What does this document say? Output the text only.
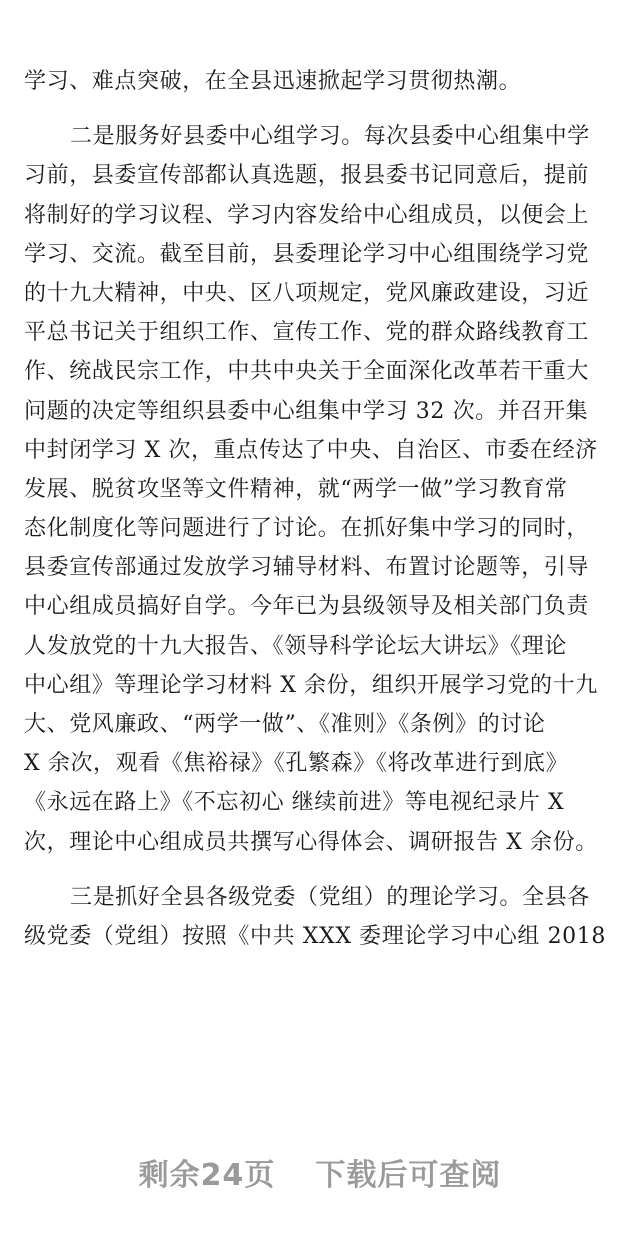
学习、难点突破，在全县迅速掀起学习贯彻热潮。
二是服务好县委中心组学习。每次县委中心组集中学
习前，县委宣传部都认真选题，报县委书记同意后，提前
将制好的学习议程、学习内容发给中心组成员，以便会上
学习、交流。截至目前，县委理论学习中心组围绕学习党
的十九大精神，中央、区八项规定，党风廉政建设，习近
平总书记关于组织工作、宣传工作、党的群众路线教育工
作、统战民宗工作，中共中央关于全面深化改革若干重大
问题的决定等组织县委中心组集中学习 32 次。并召开集
中封闭学习 X 次，重点传达了中央、自治区、市委在经济
发展、脱贫攻坚等文件精神，就“两学一做”学习教育常
态化制度化等问题进行了讨论。在抓好集中学习的同时，
县委宣传部通过发放学习辅导材料、布置讨论题等，引导
中心组成员搞好自学。今年已为县级领导及相关部门负责
人发放党的十九大报告、《领导科学论坛大讲坛》《理论
中心组》等理论学习材料 X 余份，组织开展学习党的十九
大、党风廉政、“两学一做”、《准则》《条例》的讨论
X 余次，观看《焦裕禄》《孔繁森》《将改革进行到底》
《永远在路上》《不忘初心 继续前进》等电视纪录片 X
次，理论中心组成员共撰写心得体会、调研报告 X 余份。
三是抓好全县各级党委（党组）的理论学习。全县各
级党委（党组）按照《中共 XXX 委理论学习中心组 2018
剩余24页 下载后可查阅
